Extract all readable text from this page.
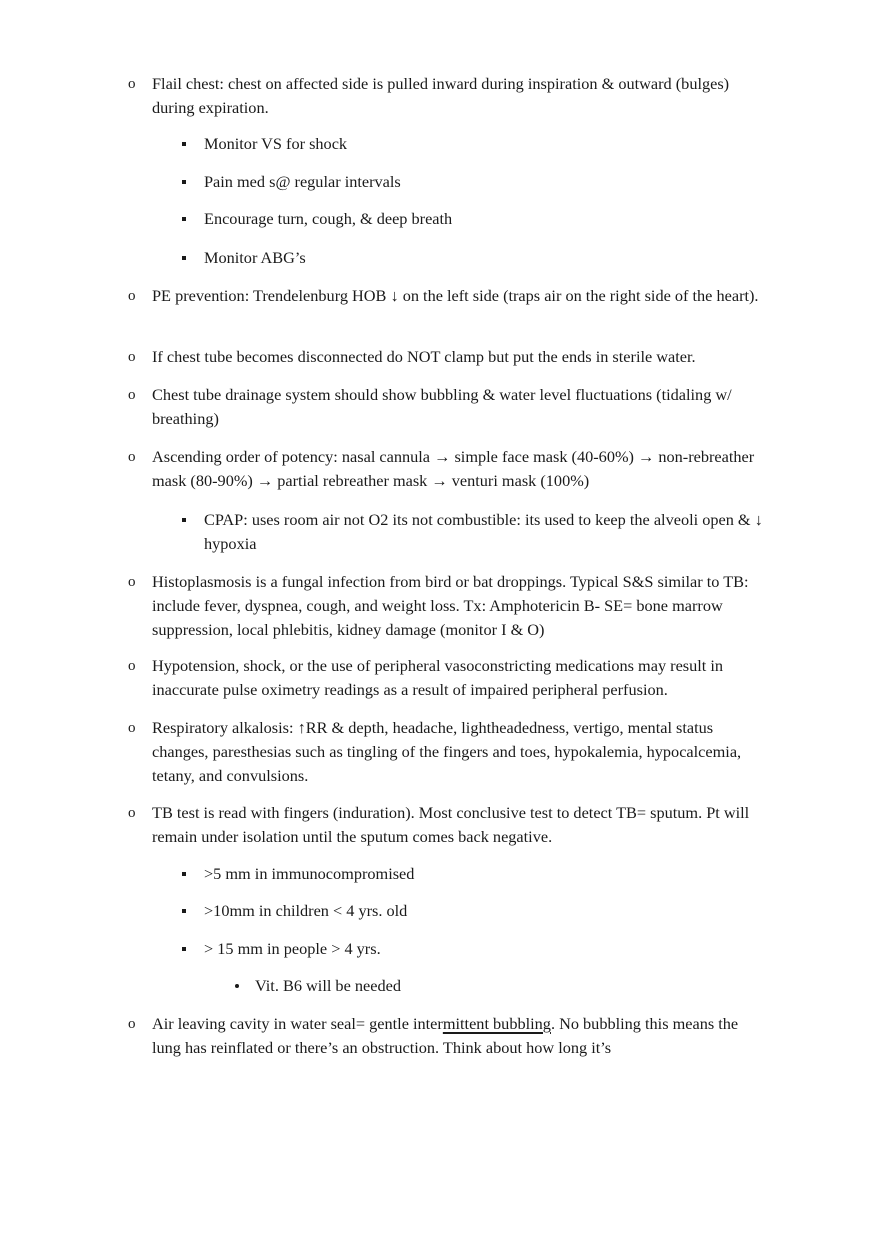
o Flail chest: chest on affected side is pulled inward during inspiration & outward (bulges) during expiration.
Monitor VS for shock
Pain med s@ regular intervals
Encourage turn, cough, & deep breath
Monitor ABG’s
o PE prevention: Trendelenburg HOB ↓ on the left side (traps air on the right side of the heart).
o If chest tube becomes disconnected do NOT clamp but put the ends in sterile water.
o Chest tube drainage system should show bubbling & water level fluctuations (tidaling w/ breathing)
o Ascending order of potency: nasal cannula → simple face mask (40-60%) → non-rebreather mask (80-90%) → partial rebreather mask → venturi mask (100%)
CPAP: uses room air not O2 its not combustible: its used to keep the alveoli open & ↓ hypoxia
o Histoplasmosis is a fungal infection from bird or bat droppings. Typical S&S similar to TB: include fever, dyspnea, cough, and weight loss. Tx: Amphotericin B- SE= bone marrow suppression, local phlebitis, kidney damage (monitor I & O)
o Hypotension, shock, or the use of peripheral vasoconstricting medications may result in inaccurate pulse oximetry readings as a result of impaired peripheral perfusion.
o Respiratory alkalosis: ↑RR & depth, headache, lightheadedness, vertigo, mental status changes, paresthesias such as tingling of the fingers and toes, hypokalemia, hypocalcemia, tetany, and convulsions.
o TB test is read with fingers (induration). Most conclusive test to detect TB= sputum. Pt will remain under isolation until the sputum comes back negative.
>5 mm in immunocompromised
>10mm in children < 4 yrs. old
> 15 mm in people > 4 yrs.
Vit. B6 will be needed
o Air leaving cavity in water seal= gentle intermittent bubbling. No bubbling this means the lung has reinflated or there’s an obstruction. Think about how long it’s
